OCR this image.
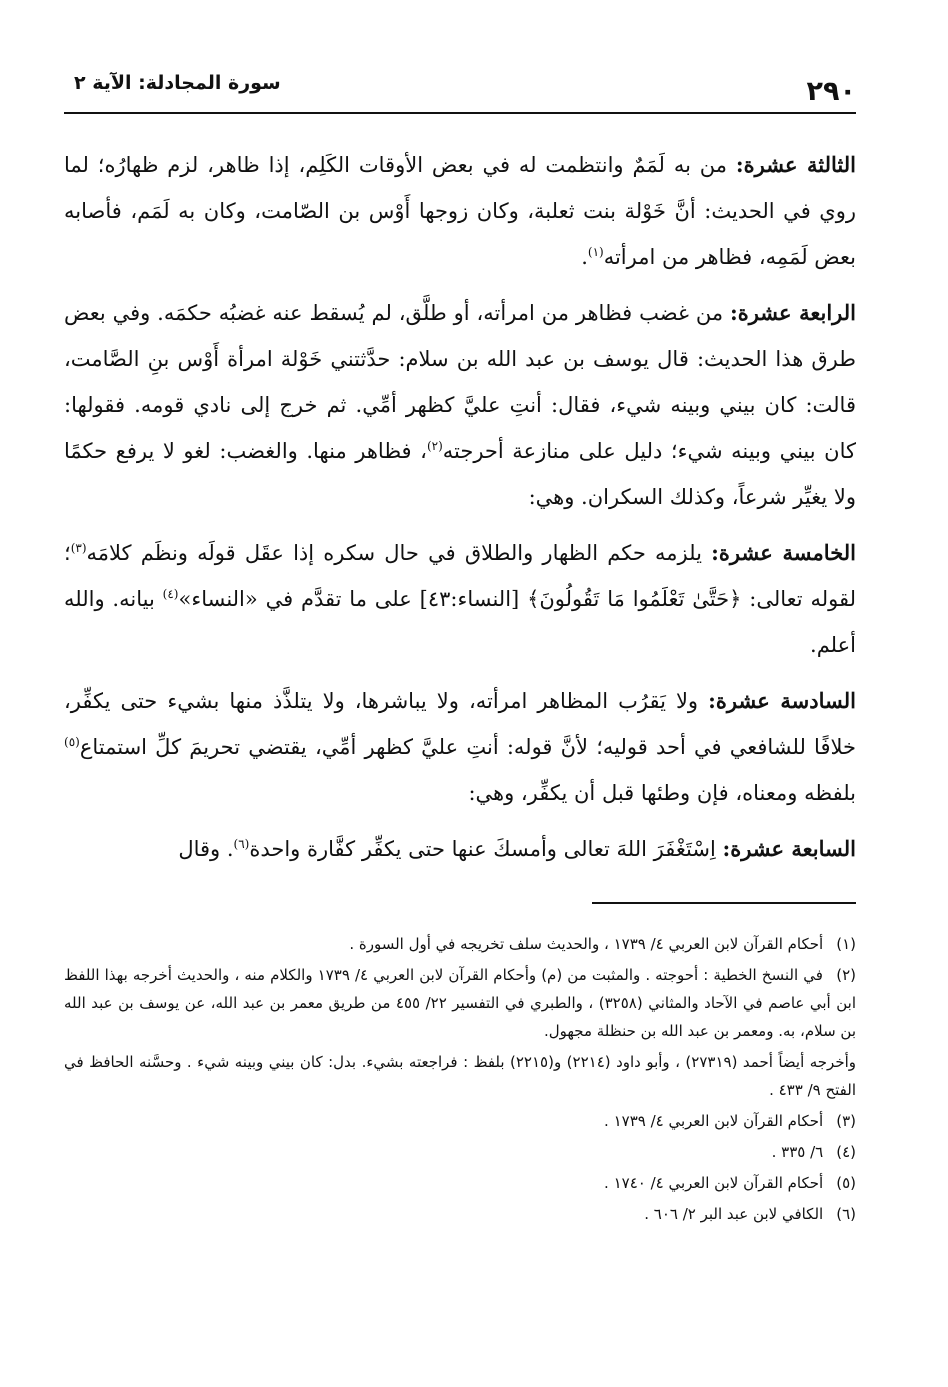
٢٩٠
سورة المجادلة: الآية ٢

الثالثة عشرة: من به لَمَمٌ وانتظمت له في بعض الأوقات الكَلِم، إذا ظاهر، لزم ظهارُه؛ لما روي في الحديث: أنَّ خَوْلة بنت ثعلبة، وكان زوجها أَوْس بن الصّامت، وكان به لَمَم، فأصابه بعض لَمَمِه، فظاهر من امرأته$^{(١)}$.

الرابعة عشرة: من غضب فظاهر من امرأته، أو طلَّق، لم يُسقط عنه غضبُه حكمَه. وفي بعض طرق هذا الحديث: قال يوسف بن عبد الله بن سلام: حدَّثتني خَوْلة امرأة أَوْس بنِ الصَّامت، قالت: كان بيني وبينه شيء، فقال: أنتِ عليَّ كظهر أمِّي. ثم خرج إلى نادي قومه. فقولها: كان بيني وبينه شيء؛ دليل على منازعة أحرجته$^{(٢)}$، فظاهر منها. والغضب: لغو لا يرفع حكمًا ولا يغيِّر شرعاً، وكذلك السكران. وهي:

الخامسة عشرة: يلزمه حكم الظهار والطلاق في حال سكره إذا عقَل قولَه ونظَم كلامَه$^{(٣)}$؛ لقوله تعالى: ﴿حَتَّىٰ تَعْلَمُوا مَا تَقُولُونَ﴾ [النساء:٤٣] على ما تقدَّم في «النساء»$^{(٤)}$ بيانه. والله أعلم.

السادسة عشرة: ولا يَقرُب المظاهر امرأته، ولا يباشرها، ولا يتلذَّذ منها بشيء حتى يكفِّر، خلافًا للشافعي في أحد قوليه؛ لأنَّ قوله: أنتِ عليَّ كظهر أمِّي، يقتضي تحريمَ كلِّ استمتاع$^{(٥)}$ بلفظه ومعناه، فإن وطئها قبل أن يكفِّر، وهي:

السابعة عشرة: اِسْتَغْفَرَ اللهَ تعالى وأمسكَ عنها حتى يكفِّر كفَّارة واحدة$^{(٦)}$. وقال

(١) أحكام القرآن لابن العربي ٤/ ١٧٣٩ ، والحديث سلف تخريجه في أول السورة .

(٢) في النسخ الخطية : أحوجته . والمثبت من (م) وأحكام القرآن لابن العربي ٤/ ١٧٣٩ والكلام منه ، والحديث أخرجه بهذا اللفظ ابن أبي عاصم في الآحاد والمثاني (٣٢٥٨) ، والطبري في التفسير ٢٢/ ٤٥٥ من طريق معمر بن عبد الله، عن يوسف بن عبد الله بن سلام، به. ومعمر بن عبد الله بن حنظلة مجهول.

وأخرجه أيضاً أحمد (٢٧٣١٩) ، وأبو داود (٢٢١٤) و(٢٢١٥) بلفظ : فراجعته بشيء. بدل: كان بيني وبينه شيء . وحسَّنه الحافظ في الفتح ٩/ ٤٣٣ .

(٣) أحكام القرآن لابن العربي ٤/ ١٧٣٩ .

(٤) ٦/ ٣٣٥ .

(٥) أحكام القرآن لابن العربي ٤/ ١٧٤٠ .

(٦) الكافي لابن عبد البر ٢/ ٦٠٦ .
